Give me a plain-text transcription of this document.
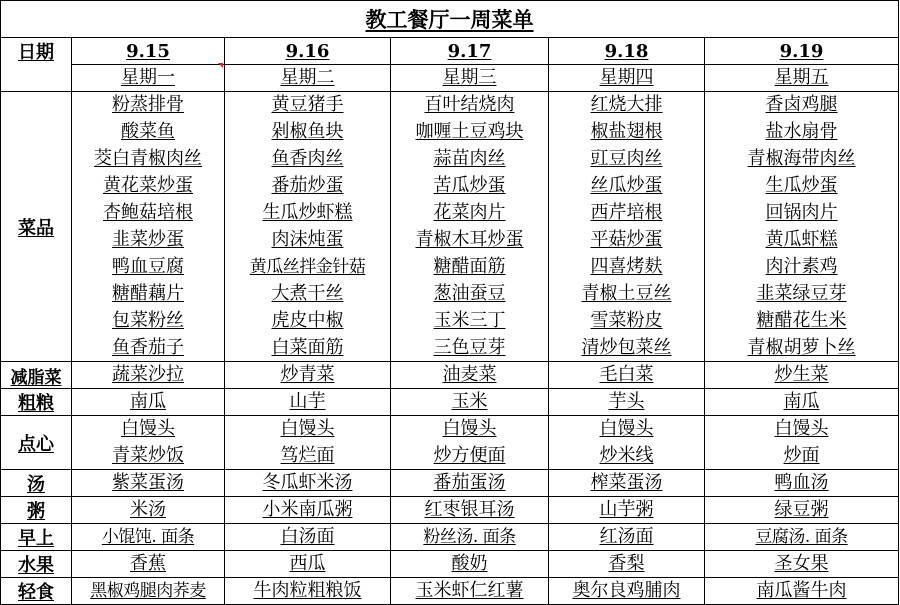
教工餐厅一周菜单					
日期	9.15	9.16	9.17	9.18	9.19
	星期一	星期二	星期三	星期四	星期五
菜品	粉蒸排骨	黄豆猪手	百叶结烧肉	红烧大排	香卤鸡腿
	酸菜鱼	剁椒鱼块	咖喱土豆鸡块	椒盐翅根	盐水扇骨
	茭白青椒肉丝	鱼香肉丝	蒜苗肉丝	豇豆肉丝	青椒海带肉丝
	黄花菜炒蛋	番茄炒蛋	苦瓜炒蛋	丝瓜炒蛋	生瓜炒蛋
	杏鲍菇培根	生瓜炒虾糕	花菜肉片	西芹培根	回锅肉片
	韭菜炒蛋	肉沫炖蛋	青椒木耳炒蛋	平菇炒蛋	黄瓜虾糕
	鸭血豆腐	黄瓜丝拌金针菇	糖醋面筋	四喜烤麸	肉汁素鸡
	糖醋藕片	大煮干丝	葱油蚕豆	青椒土豆丝	韭菜绿豆芽
	包菜粉丝	虎皮中椒	玉米三丁	雪菜粉皮	糖醋花生米
	鱼香茄子	白菜面筋	三色豆芽	清炒包菜丝	青椒胡萝卜丝
减脂菜	蔬菜沙拉	炒青菜	油麦菜	毛白菜	炒生菜
粗粮	南瓜	山芋	玉米	芋头	南瓜
点心	白馒头	白馒头	白馒头	白馒头	白馒头
	青菜炒饭	笃烂面	炒方便面	炒米线	炒面
汤	紫菜蛋汤	冬瓜虾米汤	番茄蛋汤	榨菜蛋汤	鸭血汤
粥	米汤	小米南瓜粥	红枣银耳汤	山芋粥	绿豆粥
早上	小馄饨. 面条	白汤面	粉丝汤. 面条	红汤面	豆腐汤. 面条
水果	香蕉	西瓜	酸奶	香梨	圣女果
轻食	黑椒鸡腿肉荞麦	牛肉粒粗粮饭	玉米虾仁红薯	奥尔良鸡脯肉	南瓜酱牛肉
